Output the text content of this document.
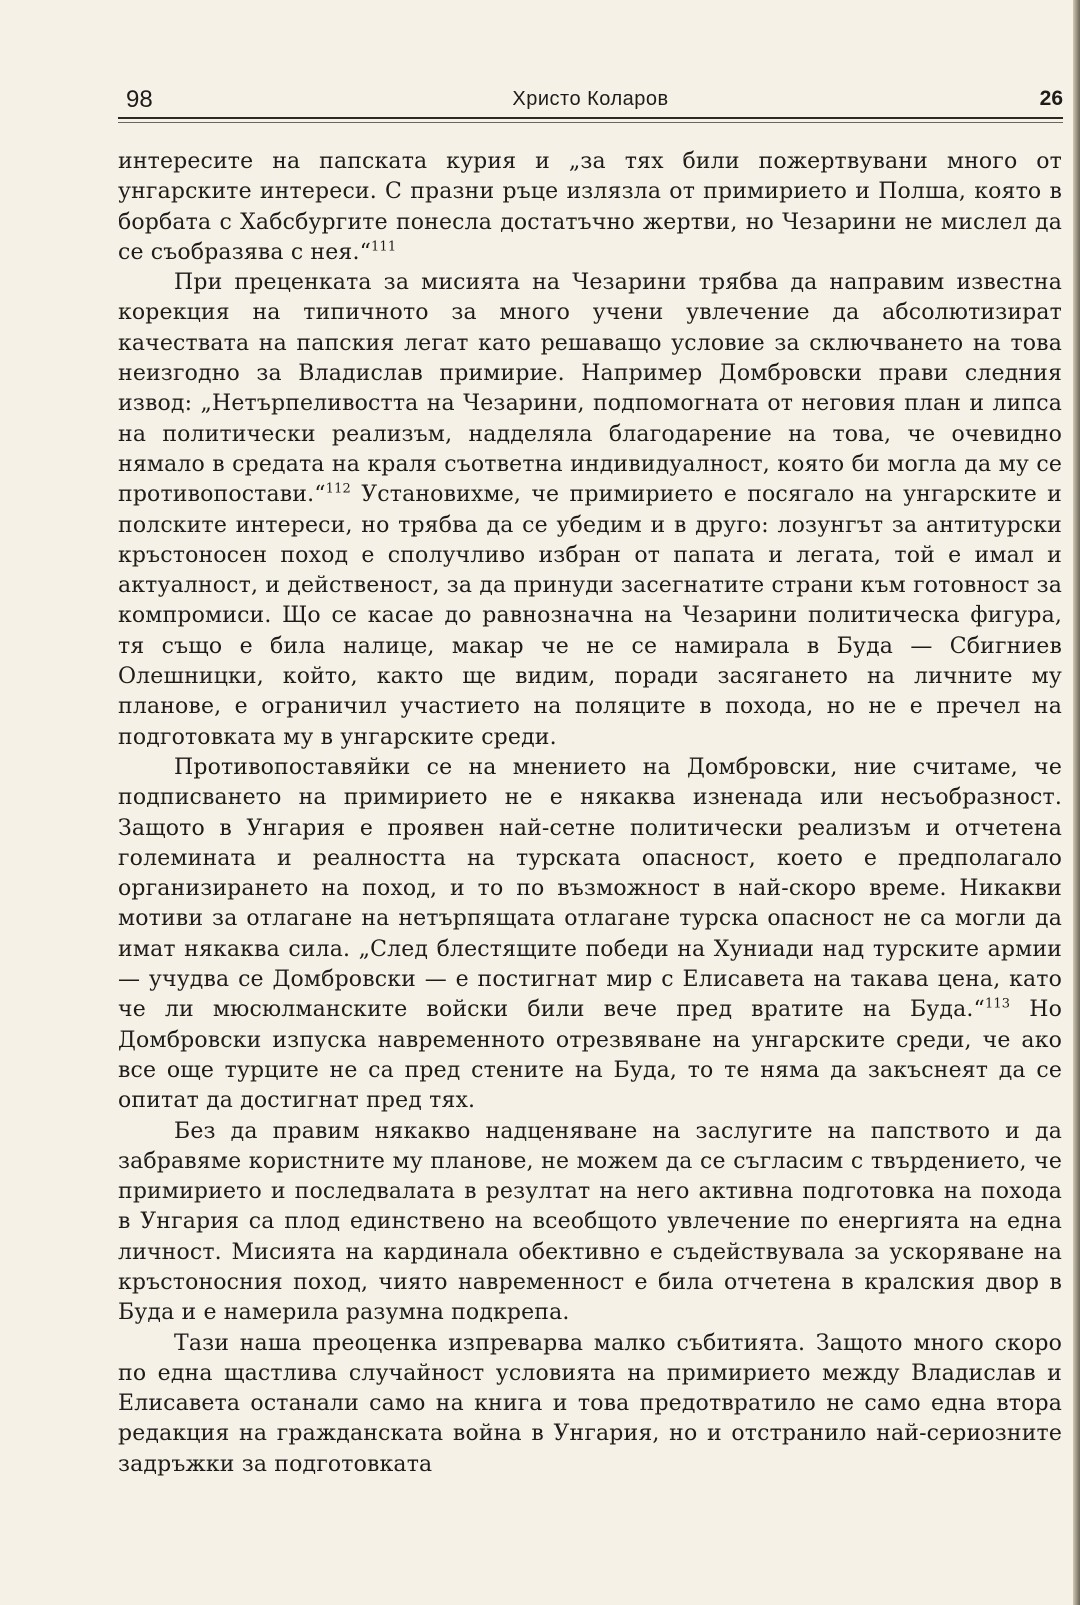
98	Христо Коларов	26

интересите на папската курия и „за тях били пожертвувани много от унгарските интереси. С празни ръце излязла от примирието и Полша, която в борбата с Хабсбургите понесла достатъчно жертви, но Чезарини не мислел да се съобразява с нея.“$^{111}$

При преценката за мисията на Чезарини трябва да направим известна корекция на типичното за много учени увлечение да абсолютизират качествата на папския легат като решаващо условие за сключването на това неизгодно за Владислав примирие. Например Домбровски прави следния извод: „Нетърпеливостта на Чезарини, подпомогната от неговия план и липса на политически реализъм, надделяла благодарение на това, че очевидно нямало в средата на краля съответна индивидуалност, която би могла да му се противопостави.“$^{112}$ Установихме, че примирието е посягало на унгарските и полските интереси, но трябва да се убедим и в друго: лозунгът за антитурски кръстоносен поход е сполучливо избран от папата и легата, той е имал и актуалност, и действеност, за да принуди засегнатите страни към готовност за компромиси. Що се касае до равнозначна на Чезарини политическа фигура, тя също е била налице, макар че не се намирала в Буда — Сбигниев Олешницки, който, както ще видим, поради засягането на личните му планове, е ограничил участието на поляците в похода, но не е пречел на подготовката му в унгарските среди.

Противопоставяйки се на мнението на Домбровски, ние считаме, че подписването на примирието не е някаква изненада или несъобразност. Защото в Унгария е проявен най-сетне политически реализъм и отчетена големината и реалността на турската опасност, което е предполагало организирането на поход, и то по възможност в най-скоро време. Никакви мотиви за отлагане на нетърпящата отлагане турска опасност не са могли да имат някаква сила. „След блестящите победи на Хуниади над турските армии — учудва се Домбровски — е постигнат мир с Елисавета на такава цена, като че ли мюсюлманските войски били вече пред вратите на Буда.“$^{113}$ Но Домбровски изпуска навременното отрезвяване на унгарските среди, че ако все още турците не са пред стените на Буда, то те няма да закъснеят да се опитат да достигнат пред тях.

Без да правим някакво надценяване на заслугите на папството и да забравяме користните му планове, не можем да се съгласим с твърдението, че примирието и последвалата в резултат на него активна подготовка на похода в Унгария са плод единствено на всеобщото увлечение по енергията на една личност. Мисията на кардинала обективно е съдействувала за ускоряване на кръстоносния поход, чиято навременност е била отчетена в кралския двор в Буда и е намерила разумна подкрепа.

Тази наша преоценка изпреварва малко събитията. Защото много скоро по една щастлива случайност условията на примирието между Владислав и Елисавета останали само на книга и това предотвратило не само една втора редакция на гражданската война в Унгария, но и отстранило най-сериозните задръжки за подготовката
